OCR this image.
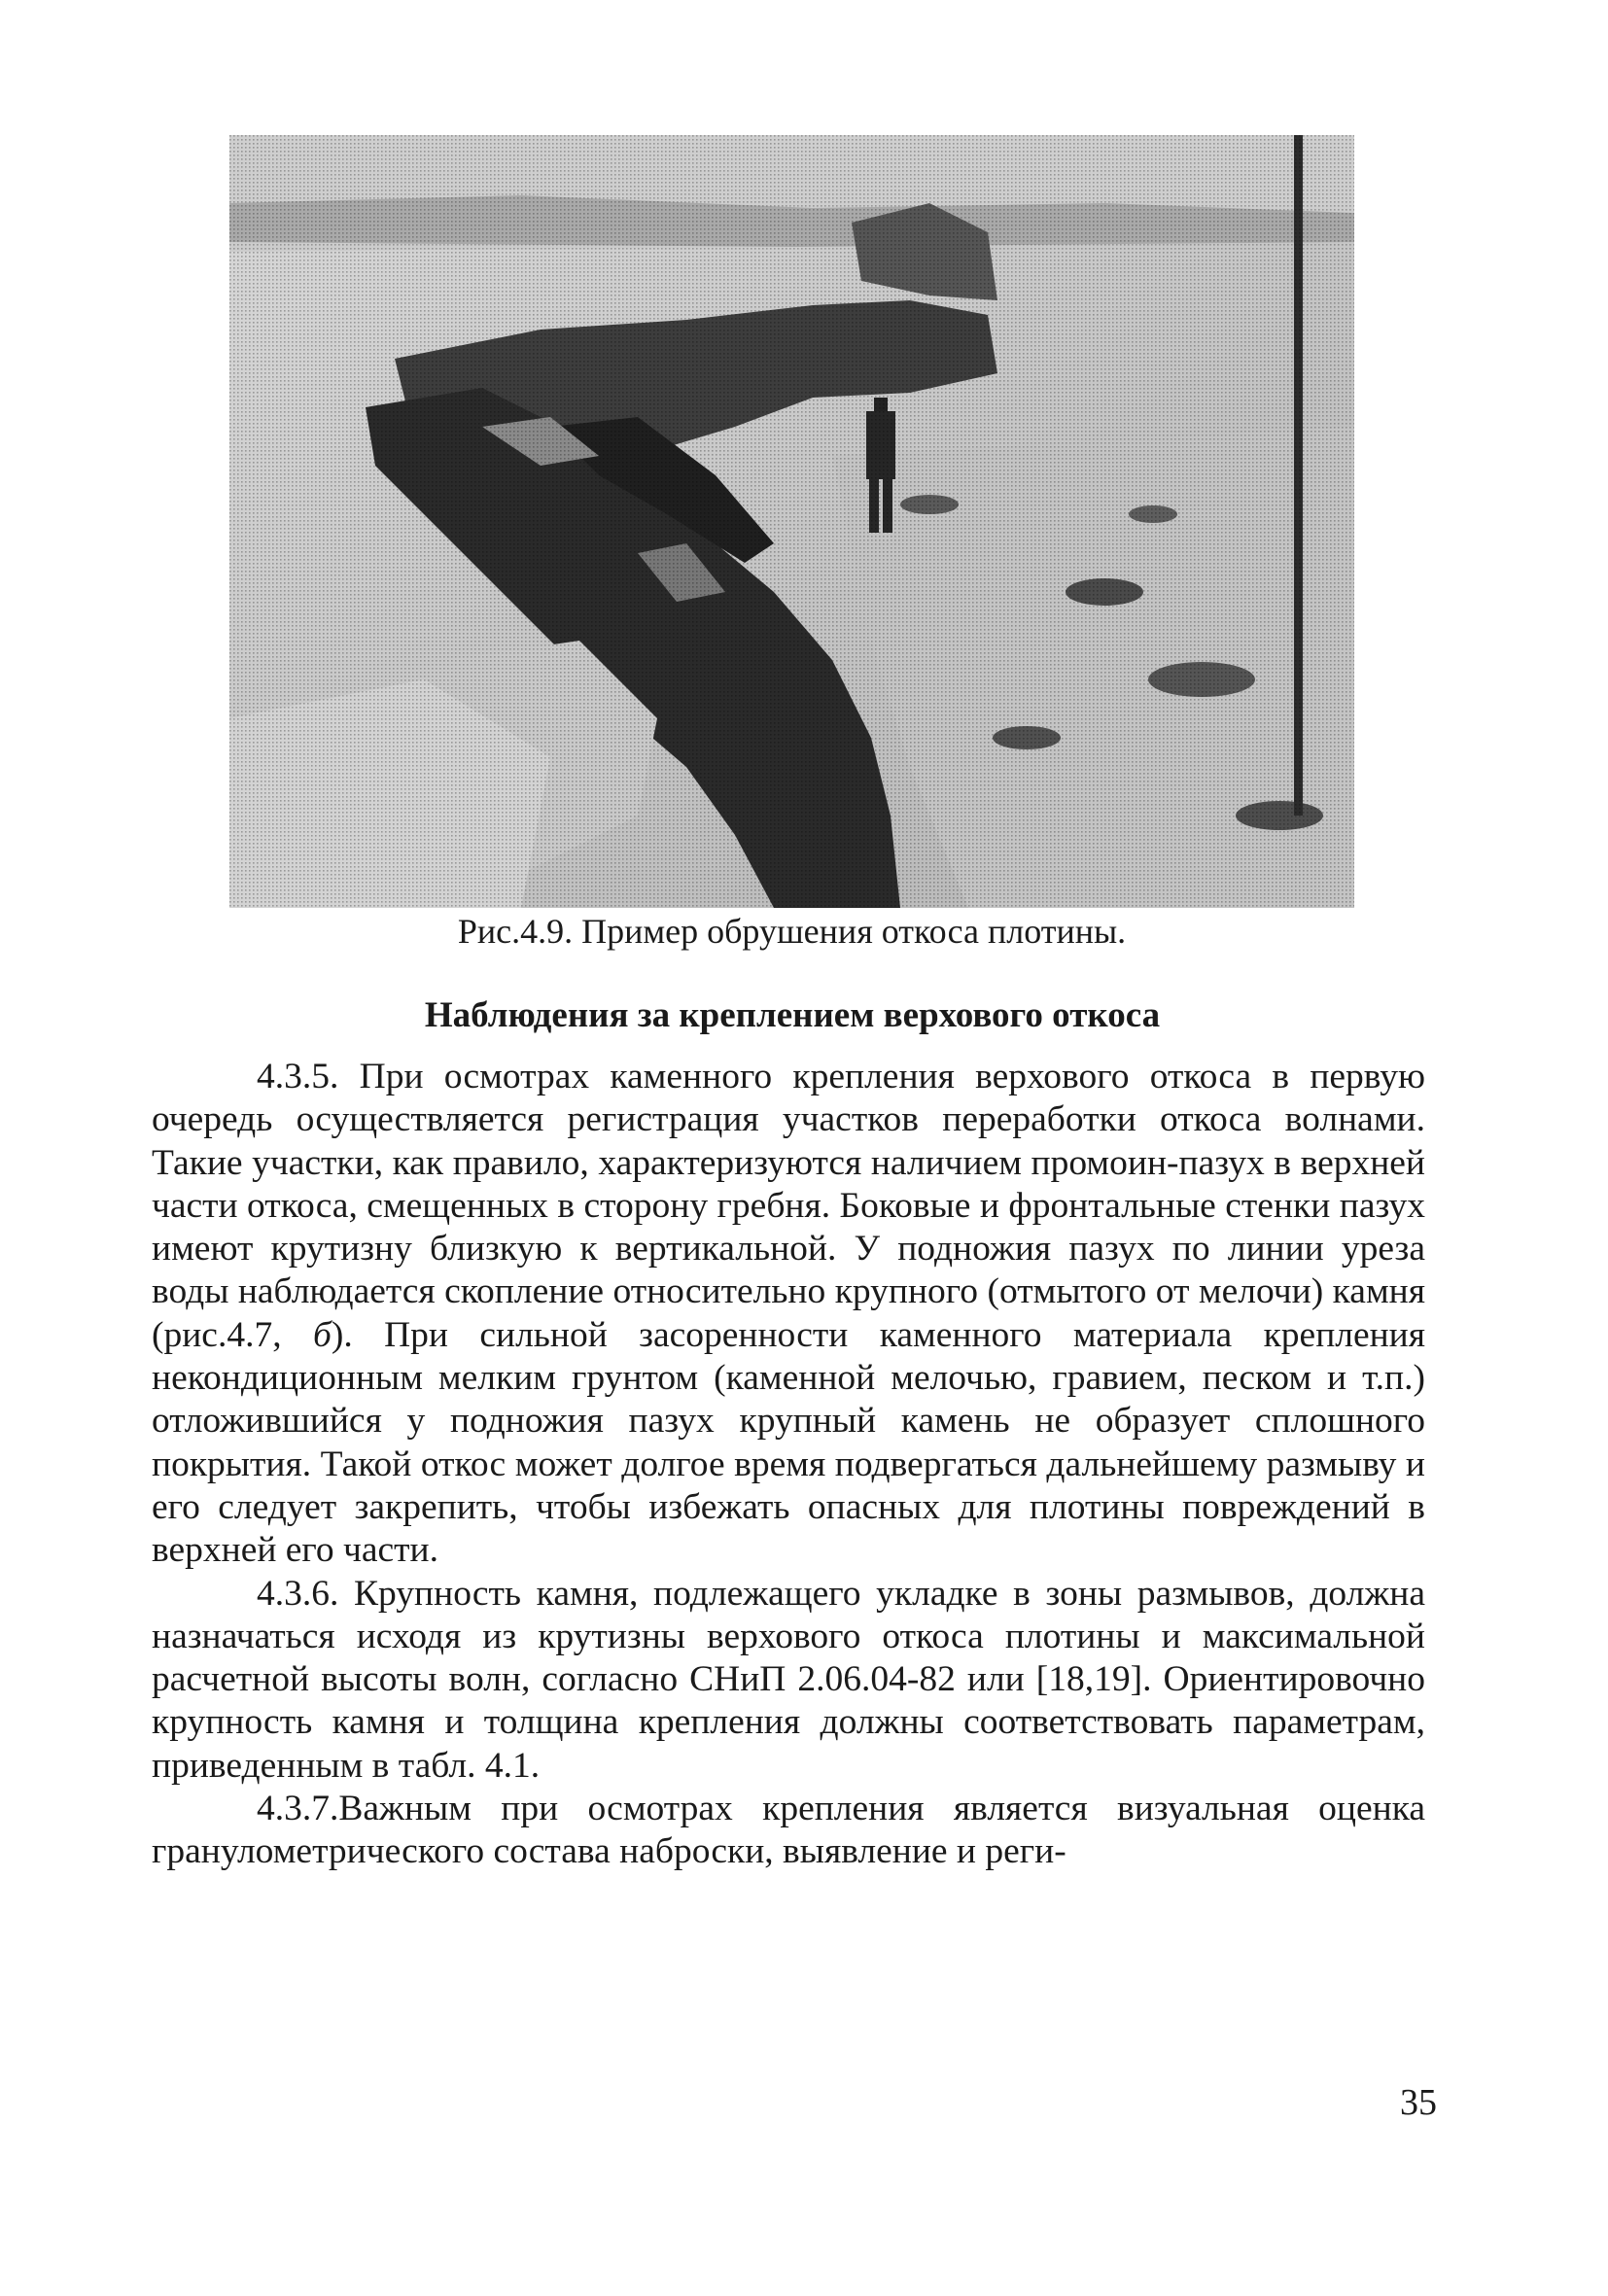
Рис.4.9. Пример обрушения откоса плотины.

Наблюдения за креплением верхового откоса

4.3.5. При осмотрах каменного крепления верхового откоса в первую очередь осуществляется регистрация участков переработки откоса волнами. Такие участки, как правило, характеризуются наличием промоин-пазух в верхней части откоса, смещенных в сторону гребня. Боковые и фронтальные стенки пазух имеют крутизну близкую к вертикальной. У подножия пазух по линии уреза воды наблюдается скопление относительно крупного (отмытого от мелочи) камня (рис.4.7, б). При сильной засоренности каменного материала крепления некондиционным мелким грунтом (каменной мелочью, гравием, песком и т.п.) отложившийся у подножия пазух крупный камень не образует сплошного покрытия. Такой откос может долгое время подвергаться дальнейшему размыву и его следует закрепить, чтобы избежать опасных для плотины повреждений в верхней его части.

4.3.6. Крупность камня, подлежащего укладке в зоны размывов, должна назначаться исходя из крутизны верхового откоса плотины и максимальной расчетной высоты волн, согласно СНиП 2.06.04-82 или [18,19]. Ориентировочно крупность камня и толщина крепления должны соответствовать параметрам, приведенным в табл. 4.1.

4.3.7.Важным при осмотрах крепления является визуальная оценка гранулометрического состава наброски, выявление и реги-

35
